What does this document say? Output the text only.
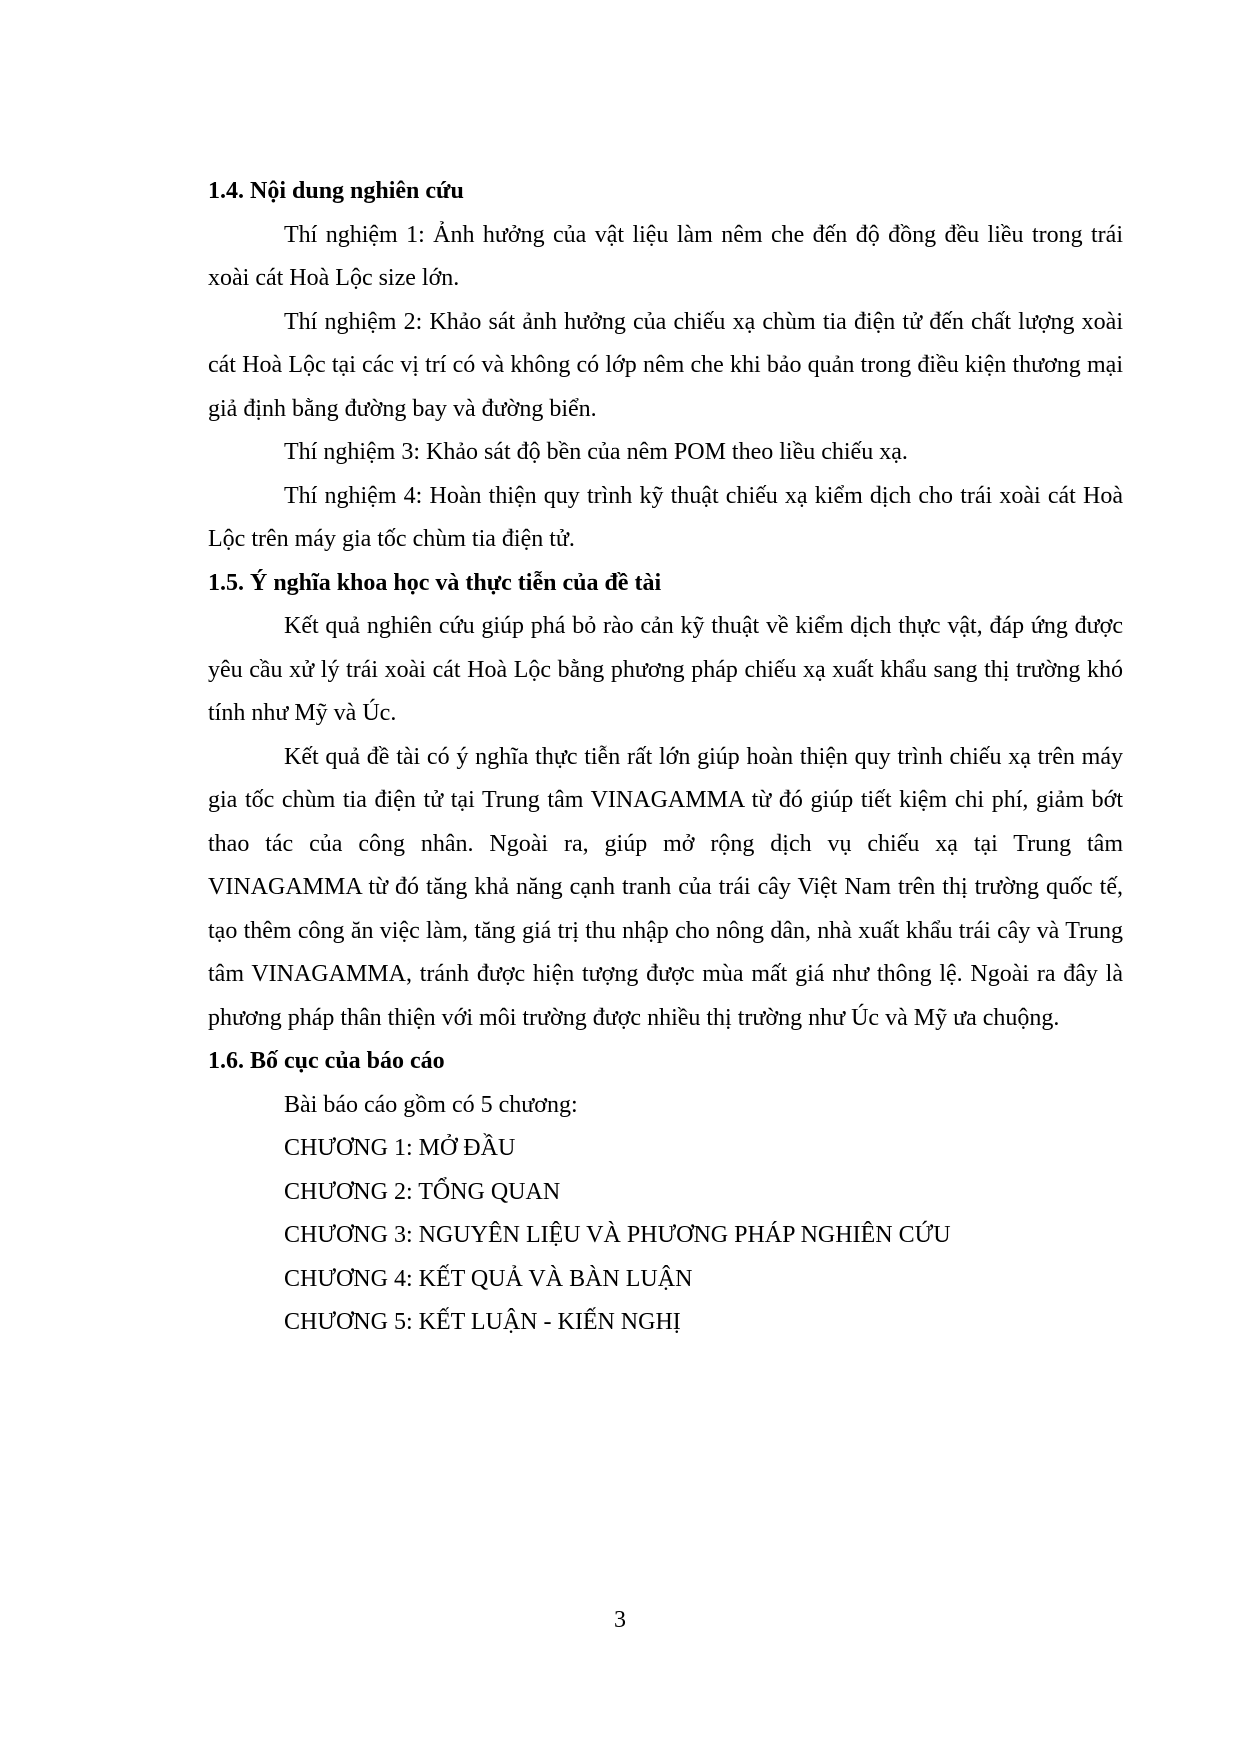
1.4. Nội dung nghiên cứu

Thí nghiệm 1: Ảnh hưởng của vật liệu làm nêm che đến độ đồng đều liều trong trái xoài cát Hoà Lộc size lớn.

Thí nghiệm 2: Khảo sát ảnh hưởng của chiếu xạ chùm tia điện tử đến chất lượng xoài cát Hoà Lộc tại các vị trí có và không có lớp nêm che khi bảo quản trong điều kiện thương mại giả định bằng đường bay và đường biển.

Thí nghiệm 3: Khảo sát độ bền của nêm POM theo liều chiếu xạ.

Thí nghiệm 4: Hoàn thiện quy trình kỹ thuật chiếu xạ kiểm dịch cho trái xoài cát Hoà Lộc trên máy gia tốc chùm tia điện tử.

1.5. Ý nghĩa khoa học và thực tiễn của đề tài

Kết quả nghiên cứu giúp phá bỏ rào cản kỹ thuật về kiểm dịch thực vật, đáp ứng được yêu cầu xử lý trái xoài cát Hoà Lộc bằng phương pháp chiếu xạ xuất khẩu sang thị trường khó tính như Mỹ và Úc.

Kết quả đề tài có ý nghĩa thực tiễn rất lớn giúp hoàn thiện quy trình chiếu xạ trên máy gia tốc chùm tia điện tử tại Trung tâm VINAGAMMA từ đó giúp tiết kiệm chi phí, giảm bớt thao tác của công nhân. Ngoài ra, giúp mở rộng dịch vụ chiếu xạ tại Trung tâm VINAGAMMA từ đó tăng khả năng cạnh tranh của trái cây Việt Nam trên thị trường quốc tế, tạo thêm công ăn việc làm, tăng giá trị thu nhập cho nông dân, nhà xuất khẩu trái cây và Trung tâm VINAGAMMA, tránh được hiện tượng được mùa mất giá như thông lệ. Ngoài ra đây là phương pháp thân thiện với môi trường được nhiều thị trường như Úc và Mỹ ưa chuộng.

1.6. Bố cục của báo cáo

Bài báo cáo gồm có 5 chương:
CHƯƠNG 1: MỞ ĐẦU
CHƯƠNG 2: TỔNG QUAN
CHƯƠNG 3: NGUYÊN LIỆU VÀ PHƯƠNG PHÁP NGHIÊN CỨU
CHƯƠNG 4: KẾT QUẢ VÀ BÀN LUẬN
CHƯƠNG 5: KẾT LUẬN - KIẾN NGHỊ
3
